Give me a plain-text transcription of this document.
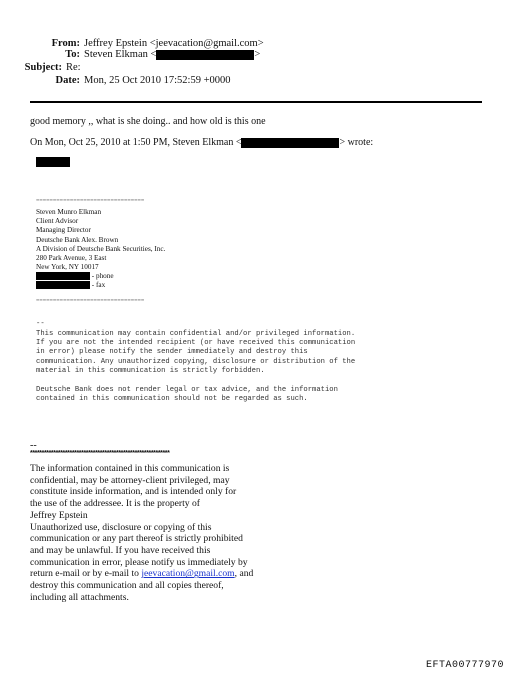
From: Jeffrey Epstein <jeevacation@gmail.com>
To: Steven Elkman <	>
Subject: Re:
Date: Mon, 25 Oct 2010 17:52:59 +0000
good memory ,, what is she doing.. and how old is this one
On Mon, Oct 25, 2010 at 1:50 PM, Steven Elkman <	> wrote:
================================
Steven Munro Elkman
Client Advisor
Managing Director
Deutsche Bank Alex. Brown
A Division of Deutsche Bank Securities, Inc.
280 Park Avenue, 3 East
New York, NY 10017
- phone
- fax
================================
--
This communication may contain confidential and/or privileged information.
If you are not the intended recipient (or have received this communication
in error) please notify the sender immediately and destroy this
communication. Any unauthorized copying, disclosure or distribution of the
material in this communication is strictly forbidden.
Deutsche Bank does not render legal or tax advice, and the information
contained in this communication should not be regarded as such.
--
************************************************************
The information contained in this communication is
confidential, may be attorney-client privileged, may
constitute inside information, and is intended only for
the use of the addressee. It is the property of
Jeffrey Epstein
Unauthorized use, disclosure or copying of this
communication or any part thereof is strictly prohibited
and may be unlawful. If you have received this
communication in error, please notify us immediately by
return e-mail or by e-mail to jeevacation@gmail.com, and
destroy this communication and all copies thereof,
including all attachments.
EFTA00777970
